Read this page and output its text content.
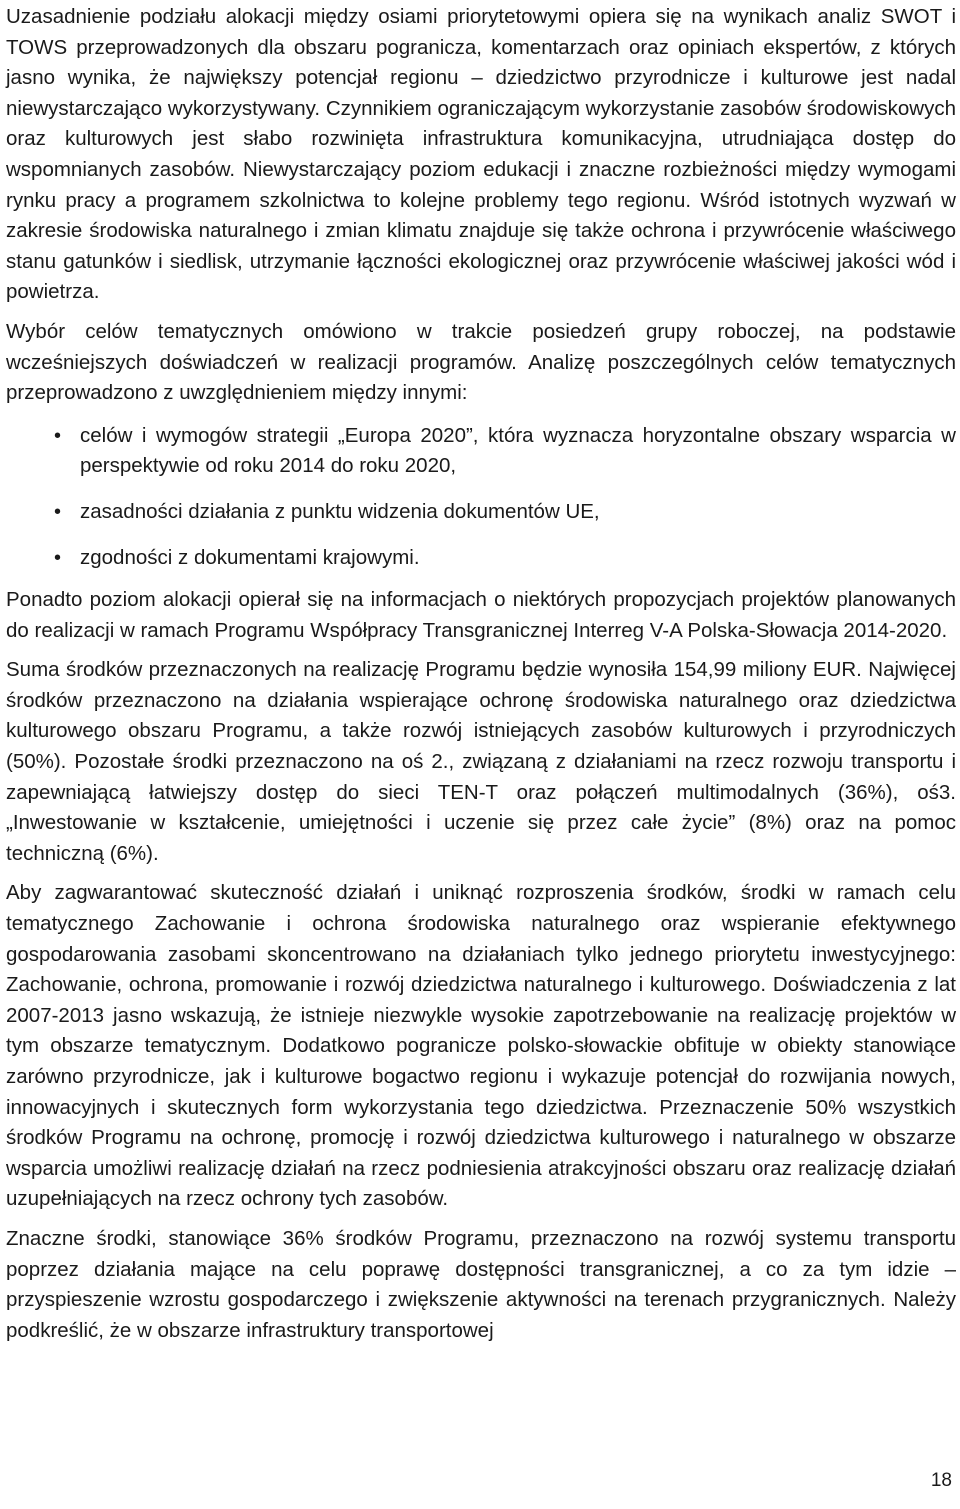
Uzasadnienie podziału alokacji między osiami priorytetowymi opiera się na wynikach analiz SWOT i TOWS przeprowadzonych dla obszaru pogranicza, komentarzach oraz opiniach ekspertów, z których jasno wynika, że największy potencjał regionu – dziedzictwo przyrodnicze i kulturowe jest nadal niewystarczająco wykorzystywany. Czynnikiem ograniczającym wykorzystanie zasobów środowiskowych oraz kulturowych jest słabo rozwinięta infrastruktura komunikacyjna, utrudniająca dostęp do wspomnianych zasobów. Niewystarczający poziom edukacji i znaczne rozbieżności między wymogami rynku pracy a programem szkolnictwa to kolejne problemy tego regionu. Wśród istotnych wyzwań w zakresie środowiska naturalnego i zmian klimatu znajduje się także ochrona i przywrócenie właściwego stanu gatunków i siedlisk, utrzymanie łączności ekologicznej oraz przywrócenie właściwej jakości wód i powietrza.

Wybór celów tematycznych omówiono w trakcie posiedzeń grupy roboczej, na podstawie wcześniejszych doświadczeń w realizacji programów. Analizę poszczególnych celów tematycznych przeprowadzono z uwzględnieniem między innymi:

• celów i wymogów strategii „Europa 2020”, która wyznacza horyzontalne obszary wsparcia w perspektywie od roku 2014 do roku 2020,
• zasadności działania z punktu widzenia dokumentów UE,
• zgodności z dokumentami krajowymi.

Ponadto poziom alokacji opierał się na informacjach o niektórych propozycjach projektów planowanych do realizacji w ramach Programu Współpracy Transgranicznej Interreg V-A Polska-Słowacja 2014-2020.

Suma środków przeznaczonych na realizację Programu będzie wynosiła 154,99 miliony EUR. Najwięcej środków przeznaczono na działania wspierające ochronę środowiska naturalnego oraz dziedzictwa kulturowego obszaru Programu, a także rozwój istniejących zasobów kulturowych i przyrodniczych (50%). Pozostałe środki przeznaczono na oś 2., związaną z działaniami na rzecz rozwoju transportu i zapewniającą łatwiejszy dostęp do sieci TEN-T oraz połączeń multimodalnych (36%), oś3. „Inwestowanie w kształcenie, umiejętności i uczenie się przez całe życie” (8%) oraz na pomoc techniczną (6%).

Aby zagwarantować skuteczność działań i uniknąć rozproszenia środków, środki w ramach celu tematycznego Zachowanie i ochrona środowiska naturalnego oraz wspieranie efektywnego gospodarowania zasobami skoncentrowano na działaniach tylko jednego priorytetu inwestycyjnego: Zachowanie, ochrona, promowanie i rozwój dziedzictwa naturalnego i kulturowego. Doświadczenia z lat 2007-2013 jasno wskazują, że istnieje niezwykle wysokie zapotrzebowanie na realizację projektów w tym obszarze tematycznym. Dodatkowo pogranicze polsko-słowackie obfituje w obiekty stanowiące zarówno przyrodnicze, jak i kulturowe bogactwo regionu i wykazuje potencjał do rozwijania nowych, innowacyjnych i skutecznych form wykorzystania tego dziedzictwa. Przeznaczenie 50% wszystkich środków Programu na ochronę, promocję i rozwój dziedzictwa kulturowego i naturalnego w obszarze wsparcia umożliwi realizację działań na rzecz podniesienia atrakcyjności obszaru oraz realizację działań uzupełniających na rzecz ochrony tych zasobów.

Znaczne środki, stanowiące 36% środków Programu, przeznaczono na rozwój systemu transportu poprzez działania mające na celu poprawę dostępności transgranicznej, a co za tym idzie – przyspieszenie wzrostu gospodarczego i zwiększenie aktywności na terenach przygranicznych. Należy podkreślić, że w obszarze infrastruktury transportowej

18
